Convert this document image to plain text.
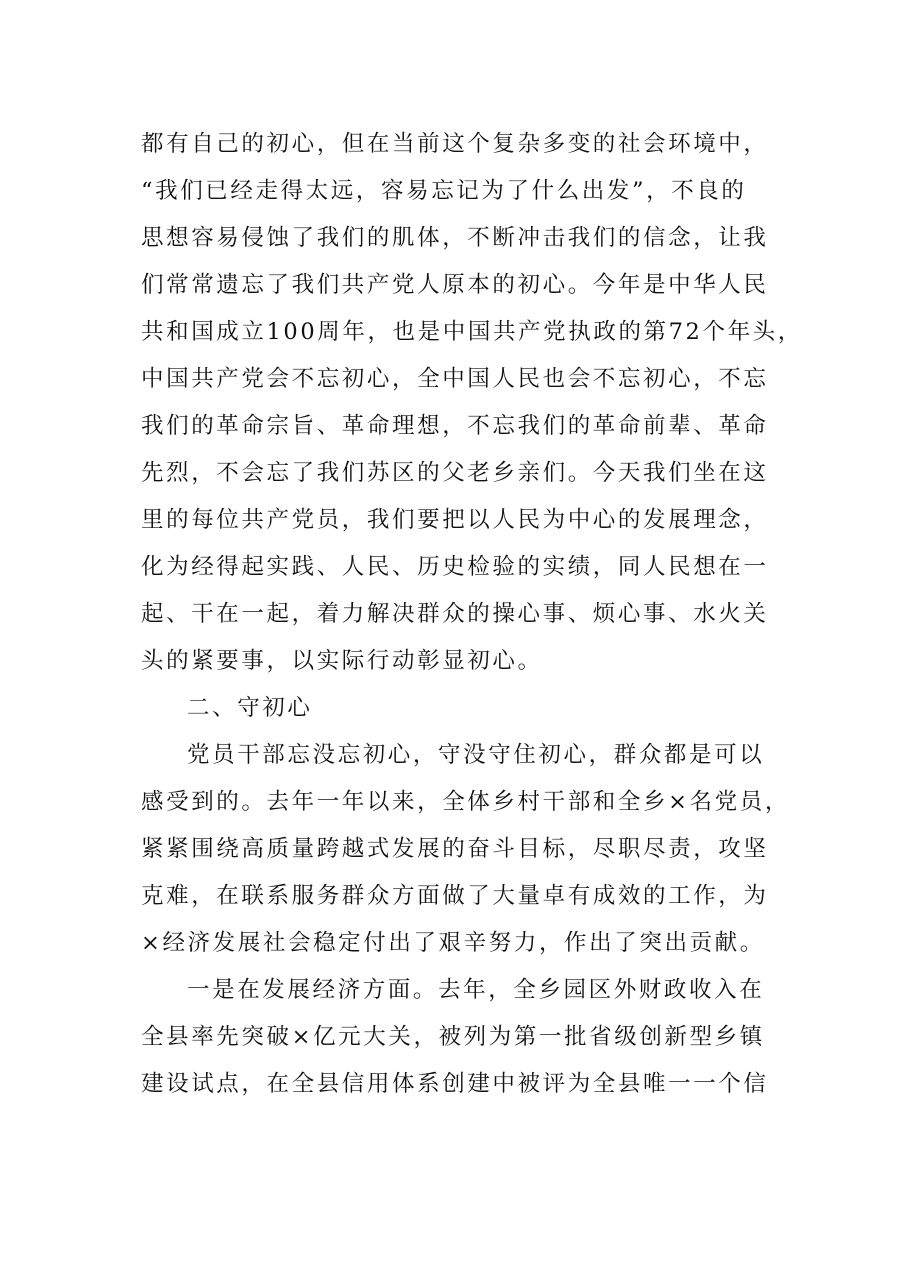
都有自己的初心，但在当前这个复杂多变的社会环境中，
“我们已经走得太远，容易忘记为了什么出发”，不良的
思想容易侵蚀了我们的肌体，不断冲击我们的信念，让我
们常常遗忘了我们共产党人原本的初心。今年是中华人民
共和国成立100周年，也是中国共产党执政的第72个年头，
中国共产党会不忘初心，全中国人民也会不忘初心，不忘
我们的革命宗旨、革命理想，不忘我们的革命前辈、革命
先烈，不会忘了我们苏区的父老乡亲们。今天我们坐在这
里的每位共产党员，我们要把以人民为中心的发展理念，
化为经得起实践、人民、历史检验的实绩，同人民想在一
起、干在一起，着力解决群众的操心事、烦心事、水火关
头的紧要事，以实际行动彰显初心。
二、守初心
党员干部忘没忘初心，守没守住初心，群众都是可以
感受到的。去年一年以来，全体乡村干部和全乡×名党员，
紧紧围绕高质量跨越式发展的奋斗目标，尽职尽责，攻坚
克难，在联系服务群众方面做了大量卓有成效的工作，为
×经济发展社会稳定付出了艰辛努力，作出了突出贡献。
一是在发展经济方面。去年，全乡园区外财政收入在
全县率先突破×亿元大关，被列为第一批省级创新型乡镇
建设试点，在全县信用体系创建中被评为全县唯一一个信
